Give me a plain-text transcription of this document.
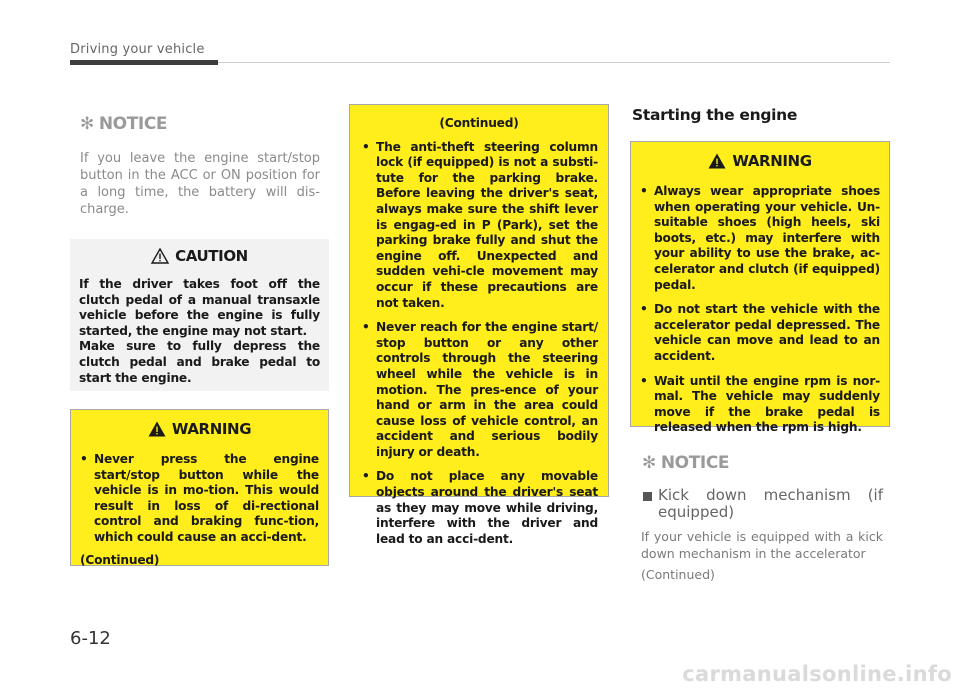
Driving your vehicle
✻ NOTICE
If you leave the engine start/stop button in the ACC or ON position for a long time, the battery will dis-charge.
CAUTION
If the driver takes foot off the clutch pedal of a manual transaxle vehicle before the engine is fully started, the engine may not start.
Make sure to fully depress the clutch pedal and brake pedal to start the engine.
WARNING
• Never press the engine start/stop button while the vehicle is in mo-tion. This would result in loss of di-rectional control and braking func-tion, which could cause an acci-dent.
(Continued)
(Continued)
• The anti-theft steering column lock (if equipped) is not a substi-tute for the parking brake. Before leaving the driver's seat, always make sure the shift lever is engag-ed in P (Park), set the parking brake fully and shut the engine off. Unexpected and sudden vehi-cle movement may occur if these precautions are not taken.
• Never reach for the engine start/ stop button or any other controls through the steering wheel while the vehicle is in motion. The pres-ence of your hand or arm in the area could cause loss of vehicle control, an accident and serious bodily injury or death.
• Do not place any movable objects around the driver's seat as they may move while driving, interfere with the driver and lead to an acci-dent.
Starting the engine
WARNING
• Always wear appropriate shoes when operating your vehicle. Un-suitable shoes (high heels, ski boots, etc.) may interfere with your ability to use the brake, ac-celerator and clutch (if equipped) pedal.
• Do not start the vehicle with the accelerator pedal depressed. The vehicle can move and lead to an accident.
• Wait until the engine rpm is nor-mal. The vehicle may suddenly move if the brake pedal is released when the rpm is high.
✻ NOTICE
Kick down mechanism (if equipped)
If your vehicle is equipped with a kick down mechanism in the accelerator
(Continued)
6-12
carmanualsonline.info
